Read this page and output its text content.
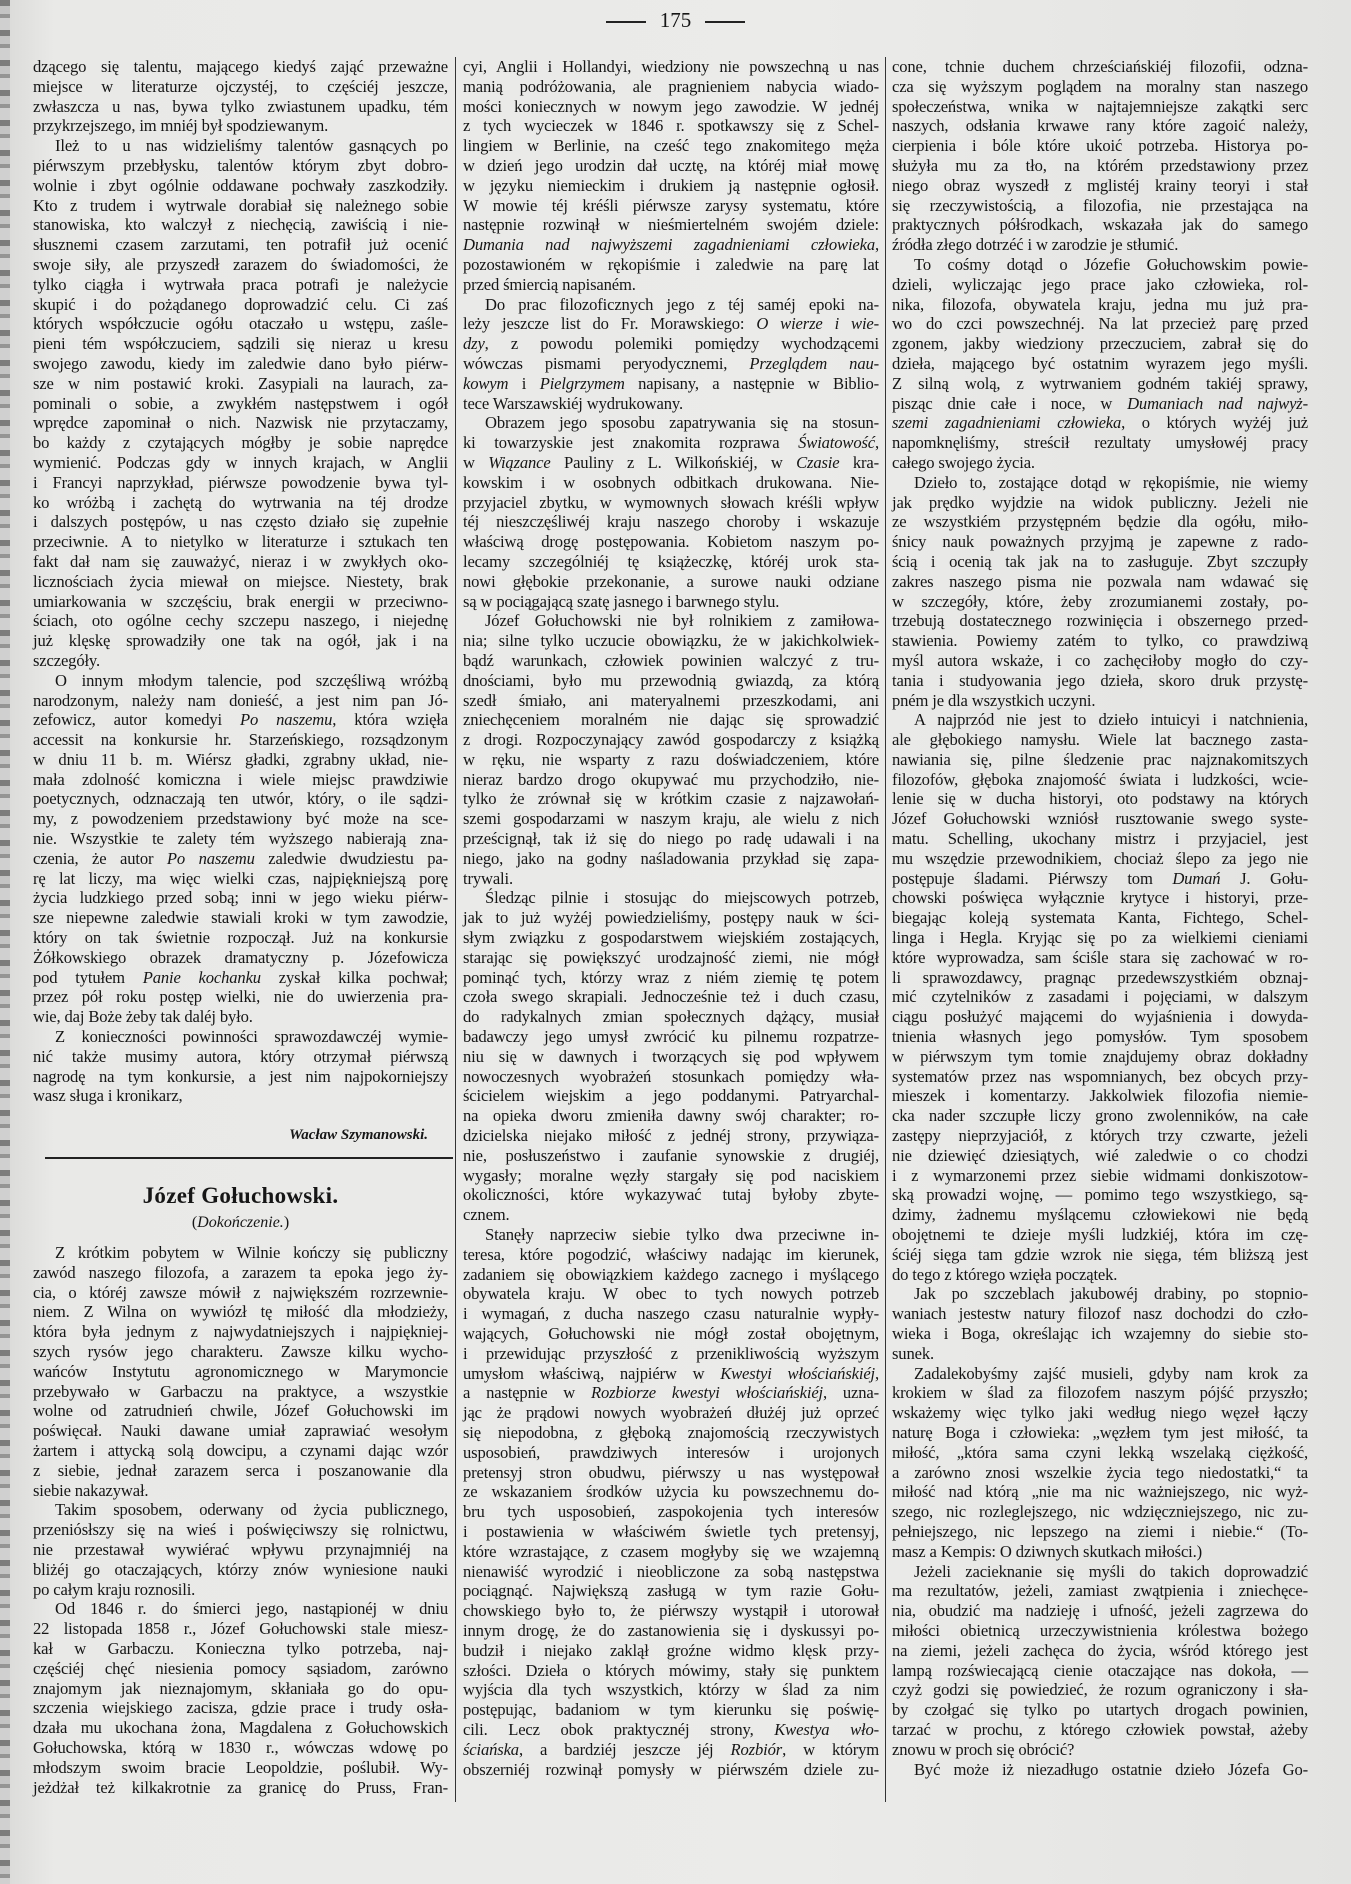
175
dzącego się talentu, mającego kiedyś zająć przeważne
miejsce w literaturze ojczystéj, to częściéj jeszcze,
zwłaszcza u nas, bywa tylko zwiastunem upadku, tém
przykrzejszego, im mniéj był spodziewanym.
Ileż to u nas widzieliśmy talentów gasnących po
piérwszym przebłysku, talentów którym zbyt dobro-
wolnie i zbyt ogólnie oddawane pochwały zaszkodziły.
Kto z trudem i wytrwale dorabiał się należnego sobie
stanowiska, kto walczył z niechęcią, zawiścią i nie-
słusznemi czasem zarzutami, ten potrafił już ocenić
swoje siły, ale przyszedł zarazem do świadomości, że
tylko ciągła i wytrwała praca potrafi je należycie
skupić i do pożądanego doprowadzić celu. Ci zaś
których współczucie ogółu otaczało u wstępu, zaśle-
pieni tém współczuciem, sądzili się nieraz u kresu
swojego zawodu, kiedy im zaledwie dano było piérw-
sze w nim postawić kroki. Zasypiali na laurach, za-
pominali o sobie, a zwykłém następstwem i ogół
wprędce zapominał o nich. Nazwisk nie przytaczamy,
bo każdy z czytających mógłby je sobie naprędce
wymienić. Podczas gdy w innych krajach, w Anglii
i Francyi naprzykład, piérwsze powodzenie bywa tyl-
ko wróżbą i zachętą do wytrwania na téj drodze
i dalszych postępów, u nas często działo się zupełnie
przeciwnie. A to nietylko w literaturze i sztukach ten
fakt dał nam się zauważyć, nieraz i w zwykłych oko-
licznościach życia miewał on miejsce. Niestety, brak
umiarkowania w szczęściu, brak energii w przeciwno-
ściach, oto ogólne cechy szczepu naszego, i niejednę
już klęskę sprowadziły one tak na ogół, jak i na
szczegóły.
O innym młodym talencie, pod szczęśliwą wróżbą
narodzonym, należy nam donieść, a jest nim pan Jó-
zefowicz, autor komedyi Po naszemu, która wzięła
accessit na konkursie hr. Starzeńskiego, rozsądzonym
w dniu 11 b. m. Wiérsz gładki, zgrabny układ, nie-
mała zdolność komiczna i wiele miejsc prawdziwie
poetycznych, odznaczają ten utwór, który, o ile sądzi-
my, z powodzeniem przedstawiony być może na sce-
nie. Wszystkie te zalety tém wyższego nabierają zna-
czenia, że autor Po naszemu zaledwie dwudziestu pa-
rę lat liczy, ma więc wielki czas, najpiękniejszą porę
życia ludzkiego przed sobą; inni w jego wieku piérw-
sze niepewne zaledwie stawiali kroki w tym zawodzie,
który on tak świetnie rozpoczął. Już na konkursie
Żółkowskiego obrazek dramatyczny p. Józefowicza
pod tytułem Panie kochanku zyskał kilka pochwał;
przez pół roku postęp wielki, nie do uwierzenia pra-
wie, daj Boże żeby tak daléj było.
Z konieczności powinności sprawozdawczéj wymie-
nić także musimy autora, który otrzymał piérwszą
nagrodę na tym konkursie, a jest nim najpokorniejszy
wasz sługa i kronikarz,
Wacław Szymanowski.
Józef Gołuchowski.
(Dokończenie.)
Z krótkim pobytem w Wilnie kończy się publiczny
zawód naszego filozofa, a zarazem ta epoka jego ży-
cia, o któréj zawsze mówił z największém rozrzewnie-
niem. Z Wilna on wywiózł tę miłość dla młodzieży,
która była jednym z najwydatniejszych i najpiękniej-
szych rysów jego charakteru. Zawsze kilku wycho-
wańców Instytutu agronomicznego w Marymoncie
przebywało w Garbaczu na praktyce, a wszystkie
wolne od zatrudnień chwile, Józef Gołuchowski im
poświęcał. Nauki dawane umiał zaprawiać wesołym
żartem i attycką solą dowcipu, a czynami dając wzór
z siebie, jednał zarazem serca i poszanowanie dla
siebie nakazywał.
Takim sposobem, oderwany od życia publicznego,
przeniósłszy się na wieś i poświęciwszy się rolnictwu,
nie przestawał wywiérać wpływu przynajmniéj na
bliżéj go otaczających, którzy znów wyniesione nauki
po całym kraju roznosili.
Od 1846 r. do śmierci jego, nastąpionéj w dniu
22 listopada 1858 r., Józef Gołuchowski stale miesz-
kał w Garbaczu. Konieczna tylko potrzeba, naj-
częściéj chęć niesienia pomocy sąsiadom, zarówno
znajomym jak nieznajomym, skłaniała go do opu-
szczenia wiejskiego zacisza, gdzie prace i trudy osła-
dzała mu ukochana żona, Magdalena z Gołuchowskich
Gołuchowska, którą w 1830 r., wówczas wdowę po
młodszym swoim bracie Leopoldzie, poślubił. Wy-
jeżdżał też kilkakrotnie za granicę do Pruss, Fran-
cyi, Anglii i Hollandyi, wiedziony nie powszechną u nas
manią podróżowania, ale pragnieniem nabycia wiado-
mości koniecznych w nowym jego zawodzie. W jednéj
z tych wycieczek w 1846 r. spotkawszy się z Schel-
lingiem w Berlinie, na cześć tego znakomitego męża
w dzień jego urodzin dał ucztę, na któréj miał mowę
w języku niemieckim i drukiem ją następnie ogłosił.
W mowie téj kréśli piérwsze zarysy systematu, które
następnie rozwinął w nieśmiertelném swojém dziele:
Dumania nad najwyższemi zagadnieniami człowieka,
pozostawioném w rękopiśmie i zaledwie na parę lat
przed śmiercią napisaném.
Do prac filozoficznych jego z téj saméj epoki na-
leży jeszcze list do Fr. Morawskiego: O wierze i wie-
dzy, z powodu polemiki pomiędzy wychodzącemi
wówczas pismami peryodycznemi, Przeglądem nau-
kowym i Pielgrzymem napisany, a następnie w Biblio-
tece Warszawskiéj wydrukowany.
Obrazem jego sposobu zapatrywania się na stosun-
ki towarzyskie jest znakomita rozprawa Światowość,
w Wiązance Pauliny z L. Wilkońskiéj, w Czasie kra-
kowskim i w osobnych odbitkach drukowana. Nie-
przyjaciel zbytku, w wymownych słowach kréśli wpływ
téj nieszczęśliwéj kraju naszego choroby i wskazuje
właściwą drogę postępowania. Kobietom naszym po-
lecamy szczególniéj tę książeczkę, któréj urok sta-
nowi głębokie przekonanie, a surowe nauki odziane
są w pociągającą szatę jasnego i barwnego stylu.
Józef Gołuchowski nie był rolnikiem z zamiłowa-
nia; silne tylko uczucie obowiązku, że w jakichkolwiek-
bądź warunkach, człowiek powinien walczyć z tru-
dnościami, było mu przewodnią gwiazdą, za którą
szedł śmiało, ani materyalnemi przeszkodami, ani
zniechęceniem moralném nie dając się sprowadzić
z drogi. Rozpoczynający zawód gospodarczy z książką
w ręku, nie wsparty z razu doświadczeniem, które
nieraz bardzo drogo okupywać mu przychodziło, nie-
tylko że zrównał się w krótkim czasie z najzawołań-
szemi gospodarzami w naszym kraju, ale wielu z nich
prześcignął, tak iż się do niego po radę udawali i na
niego, jako na godny naśladowania przykład się zapa-
trywali.
Śledząc pilnie i stosując do miejscowych potrzeb,
jak to już wyżéj powiedzieliśmy, postępy nauk w ści-
słym związku z gospodarstwem wiejskiém zostających,
starając się powiększyć urodzajność ziemi, nie mógł
pominąć tych, którzy wraz z niém ziemię tę potem
czoła swego skrapiali. Jednocześnie też i duch czasu,
do radykalnych zmian społecznych dążący, musiał
badawczy jego umysł zwrócić ku pilnemu rozpatrze-
niu się w dawnych i tworzących się pod wpływem
nowoczesnych wyobrażeń stosunkach pomiędzy wła-
ścicielem wiejskim a jego poddanymi. Patryarchal-
na opieka dworu zmieniła dawny swój charakter; ro-
dzicielska niejako miłość z jednéj strony, przywiąza-
nie, posłuszeństwo i zaufanie synowskie z drugiéj,
wygasły; moralne węzły stargały się pod naciskiem
okoliczności, które wykazywać tutaj byłoby zbyte-
cznem.
Stanęły naprzeciw siebie tylko dwa przeciwne in-
teresa, które pogodzić, właściwy nadając im kierunek,
zadaniem się obowiązkiem każdego zacnego i myślącego
obywatela kraju. W obec to tych nowych potrzeb
i wymagań, z ducha naszego czasu naturalnie wypły-
wających, Gołuchowski nie mógł został obojętnym,
i przewidując przyszłość z przenikliwością wyższym
umysłom właściwą, najpiérw w Kwestyi włościańskiéj,
a następnie w Rozbiorze kwestyi włościańskiéj, uzna-
jąc że prądowi nowych wyobrażeń dłużéj już oprzeć
się niepodobna, z głęboką znajomością rzeczywistych
usposobień, prawdziwych interesów i urojonych
pretensyj stron obudwu, piérwszy u nas występował
ze wskazaniem środków użycia ku powszechnemu do-
bru tych usposobień, zaspokojenia tych interesów
i postawienia w właściwém świetle tych pretensyj,
które wzrastające, z czasem mogłyby się we wzajemną
nienawiść wyrodzić i nieobliczone za sobą następstwa
pociągnąć. Największą zasługą w tym razie Gołu-
chowskiego było to, że piérwszy wystąpił i utorował
innym drogę, że do zastanowienia się i dyskussyi po-
budził i niejako zaklął groźne widmo klęsk przy-
szłości. Dzieła o których mówimy, stały się punktem
wyjścia dla tych wszystkich, którzy w ślad za nim
postępując, badaniom w tym kierunku się poświę-
cili. Lecz obok praktycznéj strony, Kwestya wło-
ściańska, a bardziéj jeszcze jéj Rozbiór, w którym
obszerniéj rozwinął pomysły w piérwszém dziele zu-
cone, tchnie duchem chrześciańskiéj filozofii, odzna-
cza się wyższym poglądem na moralny stan naszego
społeczeństwa, wnika w najtajemniejsze zakątki serc
naszych, odsłania krwawe rany które zagoić należy,
cierpienia i bóle które ukoić potrzeba. Historya po-
służyła mu za tło, na którém przedstawiony przez
niego obraz wyszedł z mglistéj krainy teoryi i stał
się rzeczywistością, a filozofia, nie przestająca na
praktycznych półśrodkach, wskazała jak do samego
źródła złego dotrzéć i w zarodzie je stłumić.
To cośmy dotąd o Józefie Gołuchowskim powie-
dzieli, wyliczając jego prace jako człowieka, rol-
nika, filozofa, obywatela kraju, jedna mu już pra-
wo do czci powszechnéj. Na lat przecież parę przed
zgonem, jakby wiedziony przeczuciem, zabrał się do
dzieła, mającego być ostatnim wyrazem jego myśli.
Z silną wolą, z wytrwaniem godném takiéj sprawy,
pisząc dnie całe i noce, w Dumaniach nad najwyż-
szemi zagadnieniami człowieka, o których wyżéj już
napomknęliśmy, streścił rezultaty umysłowéj pracy
całego swojego życia.
Dzieło to, zostające dotąd w rękopiśmie, nie wiemy
jak prędko wyjdzie na widok publiczny. Jeżeli nie
ze wszystkiém przystępném będzie dla ogółu, miło-
śnicy nauk poważnych przyjmą je zapewne z rado-
ścią i ocenią tak jak na to zasługuje. Zbyt szczupły
zakres naszego pisma nie pozwala nam wdawać się
w szczegóły, które, żeby zrozumianemi zostały, po-
trzebują dostatecznego rozwinięcia i obszernego przed-
stawienia. Powiemy zatém to tylko, co prawdziwą
myśl autora wskaże, i co zachęciłoby mogło do czy-
tania i studyowania jego dzieła, skoro druk przystę-
pném je dla wszystkich uczyni.
A najprzód nie jest to dzieło intuicyi i natchnienia,
ale głębokiego namysłu. Wiele lat bacznego zasta-
nawiania się, pilne śledzenie prac najznakomitszych
filozofów, głęboka znajomość świata i ludzkości, wcie-
lenie się w ducha historyi, oto podstawy na których
Józef Gołuchowski wzniósł rusztowanie swego syste-
matu. Schelling, ukochany mistrz i przyjaciel, jest
mu wszędzie przewodnikiem, chociaż ślepo za jego nie
postępuje śladami. Piérwszy tom Dumań J. Gołu-
chowski poświęca wyłącznie krytyce i historyi, prze-
biegając koleją systemata Kanta, Fichtego, Schel-
linga i Hegla. Kryjąc się po za wielkiemi cieniami
które wyprowadza, sam ściśle stara się zachować w ro-
li sprawozdawcy, pragnąc przedewszystkiém obznaj-
mić czytelników z zasadami i pojęciami, w dalszym
ciągu posłużyć mającemi do wyjaśnienia i dowyda-
tnienia własnych jego pomysłów. Tym sposobem
w piérwszym tym tomie znajdujemy obraz dokładny
systematów przez nas wspomnianych, bez obcych przy-
mieszek i komentarzy. Jakkolwiek filozofia niemie-
cka nader szczupłe liczy grono zwolenników, na całe
zastępy nieprzyjaciół, z których trzy czwarte, jeżeli
nie dziewięć dziesiątych, wié zaledwie o co chodzi
i z wymarzonemi przez siebie widmami donkiszotow-
ską prowadzi wojnę, — pomimo tego wszystkiego, są-
dzimy, żadnemu myślącemu człowiekowi nie będą
obojętnemi te dzieje myśli ludzkiéj, która im czę-
ściéj sięga tam gdzie wzrok nie sięga, tém bliższą jest
do tego z którego wzięła początek.
Jak po szczeblach jakubowéj drabiny, po stopnio-
waniach jestestw natury filozof nasz dochodzi do czło-
wieka i Boga, określając ich wzajemny do siebie sto-
sunek.
Zadalekobyśmy zajść musieli, gdyby nam krok za
krokiem w ślad za filozofem naszym pójść przyszło;
wskażemy więc tylko jaki według niego węzeł łączy
naturę Boga i człowieka: „węzłem tym jest miłość, ta
miłość, „która sama czyni lekką wszelaką ciężkość,
a zarówno znosi wszelkie życia tego niedostatki,“ ta
miłość nad którą „nie ma nic ważniejszego, nic wyż-
szego, nic rozleglejszego, nic wdzięczniejszego, nic zu-
pełniejszego, nic lepszego na ziemi i niebie.“ (To-
masz a Kempis: O dziwnych skutkach miłości.)
Jeżeli zacieknanie się myśli do takich doprowadzić
ma rezultatów, jeżeli, zamiast zwątpienia i zniechęce-
nia, obudzić ma nadzieję i ufność, jeżeli zagrzewa do
miłości obietnicą urzeczywistnienia królestwa bożego
na ziemi, jeżeli zachęca do życia, wśród którego jest
lampą rozświecającą cienie otaczające nas dokoła, —
czyż godzi się powiedzieć, że rozum ograniczony i sła-
by czołgać się tylko po utartych drogach powinien,
tarzać w prochu, z którego człowiek powstał, ażeby
znowu w proch się obrócić?
Być może iż niezadługo ostatnie dzieło Józefa Go-
